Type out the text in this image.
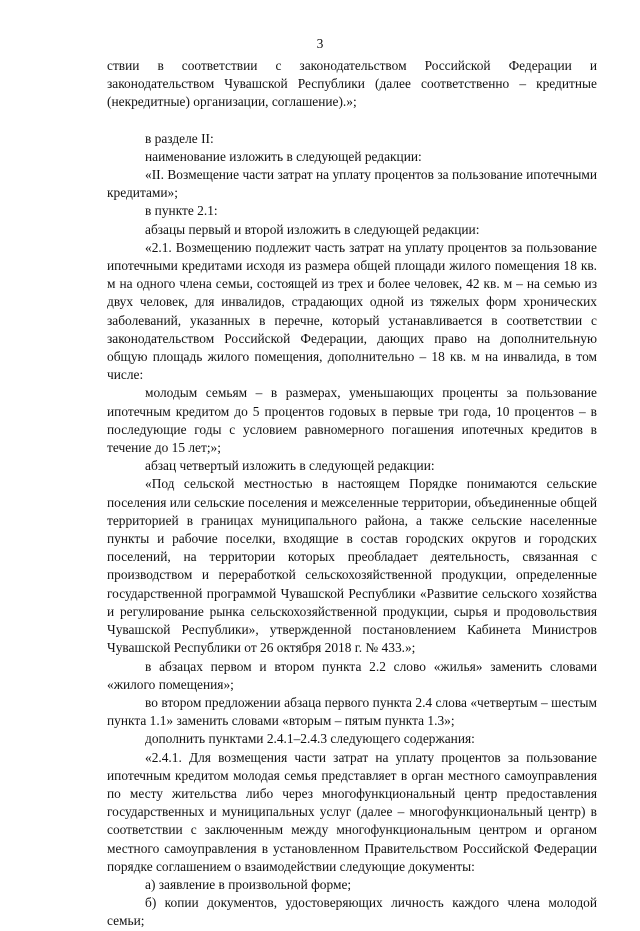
3

ствии в соответствии с законодательством Российской Федерации и законодательством Чувашской Республики (далее соответственно – кредитные (некредитные) организации, соглашение).»;

в разделе II:

наименование изложить в следующей редакции:

«II. Возмещение части затрат на уплату процентов за пользование ипотечными кредитами»;

в пункте 2.1:

абзацы первый и второй изложить в следующей редакции:

«2.1. Возмещению подлежит часть затрат на уплату процентов за пользование ипотечными кредитами исходя из размера общей площади жилого помещения 18 кв. м на одного члена семьи, состоящей из трех и более человек, 42 кв. м – на семью из двух человек, для инвалидов, страдающих одной из тяжелых форм хронических заболеваний, указанных в перечне, который устанавливается в соответствии с законодательством Российской Федерации, дающих право на дополнительную общую площадь жилого помещения, дополнительно – 18 кв. м на инвалида, в том числе:

молодым семьям – в размерах, уменьшающих проценты за пользование ипотечным кредитом до 5 процентов годовых в первые три года, 10 процентов – в последующие годы с условием равномерного погашения ипотечных кредитов в течение до 15 лет;»;

абзац четвертый изложить в следующей редакции:

«Под сельской местностью в настоящем Порядке понимаются сельские поселения или сельские поселения и межселенные территории, объединенные общей территорией в границах муниципального района, а также сельские населенные пункты и рабочие поселки, входящие в состав городских округов и городских поселений, на территории которых преобладает деятельность, связанная с производством и переработкой сельскохозяйственной продукции, определенные государственной программой Чувашской Республики «Развитие сельского хозяйства и регулирование рынка сельскохозяйственной продукции, сырья и продовольствия Чувашской Республики», утвержденной постановлением Кабинета Министров Чувашской Республики от 26 октября 2018 г. № 433.»;

в абзацах первом и втором пункта 2.2 слово «жилья» заменить словами «жилого помещения»;

во втором предложении абзаца первого пункта 2.4 слова «четвертым – шестым пункта 1.1» заменить словами «вторым – пятым пункта 1.3»;

дополнить пунктами 2.4.1–2.4.3 следующего содержания:

«2.4.1. Для возмещения части затрат на уплату процентов за пользование ипотечным кредитом молодая семья представляет в орган местного самоуправления по месту жительства либо через многофункциональный центр предоставления государственных и муниципальных услуг (далее – многофункциональный центр) в соответствии с заключенным между многофункциональным центром и органом местного самоуправления в установленном Правительством Российской Федерации порядке соглашением о взаимодействии следующие документы:

а) заявление в произвольной форме;

б) копии документов, удостоверяющих личность каждого члена молодой семьи;
